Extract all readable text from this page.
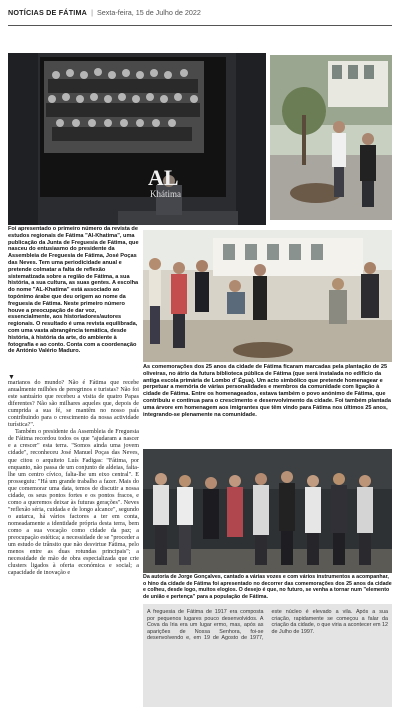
NOTÍCIAS DE FÁTIMA | Sexta-feira, 15 de Julho de 2022
AL
Khátima
Foi apresentado o primeiro número da revista de estudos regionais de Fátima "Al-Khatima", uma publicação da Junta de Freguesia de Fátima, que nasceu do entusiasmo do presidente da Assembleia de Freguesia de Fátima, José Poças das Neves. Tem uma periodicidade anual e pretende colmatar a falta de reflexão sistematizada sobre a região de Fátima, a sua história, a sua cultura, as suas gentes. A escolha do nome "AL-Khatima" está associado ao topónimo árabe que deu origem ao nome da freguesia de Fátima. Neste primeiro número houve a preocupação de dar voz, essencialmente, aos historiadores/autores regionais. O resultado é uma revista equilibrada, com uma vasta abrangência temática, desde história, à história da arte, do ambiente à fotografia e ao conto. Conta com a coordenação de António Valério Maduro.
As comemorações dos 25 anos da cidade de Fátima ficaram marcadas pela plantação de 25 oliveiras, no átrio da futura biblioteca pública de Fátima (que será instalada no edifício da antiga escola primária de Lombo d' Égua). Um acto simbólico que pretende homenagear e perpetuar a memória de várias personalidades e membros da comunidade com ligação à cidade de Fátima. Entre os homenageados, estava também o povo anónimo de Fátima, que contribuiu e continua para o crescimento e desenvolvimento da cidade. Foi também plantada uma árvore em homenagem aos imigrantes que têm vindo para Fátima nos últimos 25 anos, integrando-se plenamente na comunidade.
▼

marianos do mundo? Não é Fátima que recebe anualmente milhões de peregrinos e turistas? Não foi este santuário que recebeu a visita de quatro Papas diferentes? Não são milhares aqueles que, depois de cumprida a sua fé, se mantêm no nosso país contribuindo para o crescimento da nossa actividade turística?".

Também o presidente da Assembleia de Freguesia de Fátima recordou todos os que "ajudaram a nascer e a crescer" esta terra. "Somos ainda uma jovem cidade", reconheceu José Manuel Poças das Neves, que citou o arquiteto Luís Fadigas: "Fátima, por enquanto, não passa de um conjunto de aldeias, falta-lhe um centro cívico, falta-lhe um eixo central". E prosseguiu: "Há um grande trabalho a fazer. Mais do que comemorar uma data, temos de discutir a nossa cidade, os seus pontos fortes e os pontos fracos, e como a queremos deixar às futuras gerações". Neves "reflexão séria, cuidada e de longo alcance", segundo o autarca, há vários factores a ter em conta, nomeadamente a identidade própria desta terra, bem como a sua vocação como cidade da paz; a preocupação estética; a necessidade de se "proceder a um estudo de trânsito que não desvirtue Fátima, pelo menos entre as duas rotundas principais"; a necessidade de mão de obra especializada que crie clusters ligados à oferta económica e social; a capacidade de inovação e

Da autoria de Jorge Gonçalves, cantado a várias vozes e com vários instrumentos a acompanhar, o hino da cidade de Fátima foi apresentado no decorrer das comemorações dos 25 anos da cidade e colheu, desde logo, muitos elogios. O desejo é que, no futuro, se venha a tornar num "elemento de união e pertença" para a população de Fátima.

A freguesia de Fátima de 1917 era composta por pequenos lugares pouco desenvolvidos. A Cova da Iria era um lugar ermo, mas, após as aparições de Nossa Senhora, foi-se desenvolvendo e, em 19 de Agosto de 1977, este núcleo é elevado a vila. Após a sua criação, rapidamente se começou a falar da criação da cidade, o que viria a acontecer em 12 de Julho de 1997.
